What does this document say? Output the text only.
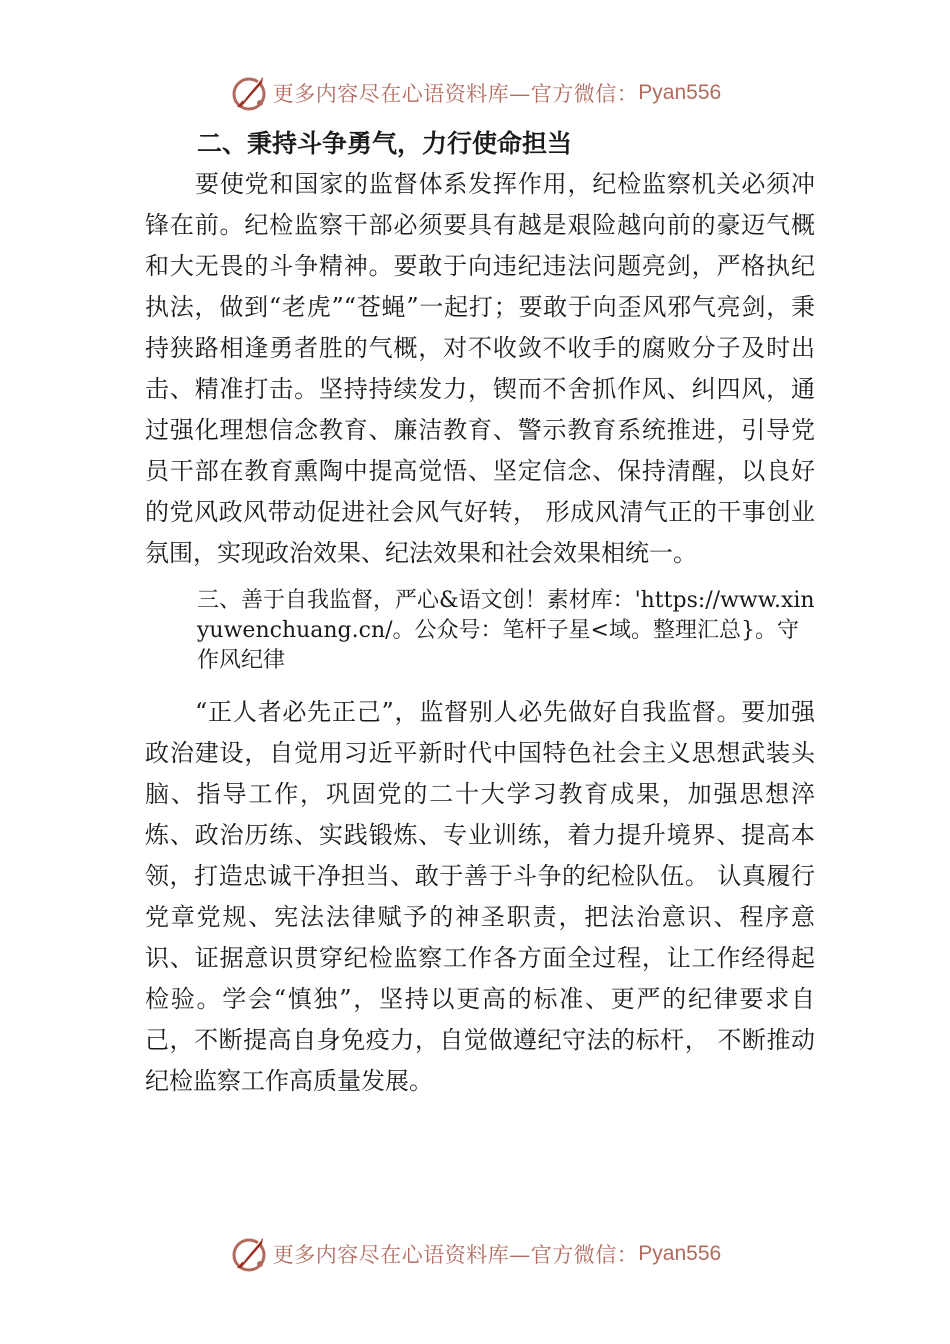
更多内容尽在心语资料库—官方微信： Pyan556
二、秉持斗争勇气，力行使命担当

要使党和国家的监督体系发挥作用，纪检监察机关必须冲锋在前。纪检监察干部必须要具有越是艰险越向前的豪迈气概和大无畏的斗争精神。要敢于向违纪违法问题亮剑，严格执纪执法，做到“老虎”“苍蝇”一起打；要敢于向歪风邪气亮剑，秉持狭路相逢勇者胜的气概，对不收敛不收手的腐败分子及时出击、精准打击。坚持持续发力，锲而不舍抓作风、纠四风，通过强化理想信念教育、廉洁教育、警示教育系统推进，引导党员干部在教育熏陶中提高觉悟、坚定信念、保持清醒，以良好的党风政风带动促进社会风气好转， 形成风清气正的干事创业氛围，实现政治效果、纪法效果和社会效果相统一。

三、善于自我监督，严心&语文创！素材库：'https://www.xinyuwenchuang.cn/。公众号：笔杆子星<域。整理汇总}。守作风纪律

“正人者必先正己”，监督别人必先做好自我监督。要加强政治建设，自觉用习近平新时代中国特色社会主义思想武装头脑、指导工作，巩固党的二十大学习教育成果，加强思想淬炼、政治历练、实践锻炼、专业训练，着力提升境界、提高本领，打造忠诚干净担当、敢于善于斗争的纪检队伍。 认真履行党章党规、宪法法律赋予的神圣职责，把法治意识、程序意识、证据意识贯穿纪检监察工作各方面全过程，让工作经得起检验。学会“慎独”，坚持以更高的标准、更严的纪律要求自己，不断提高自身免疫力，自觉做遵纪守法的标杆， 不断推动纪检监察工作高质量发展。

更多内容尽在心语资料库—官方微信： Pyan556
